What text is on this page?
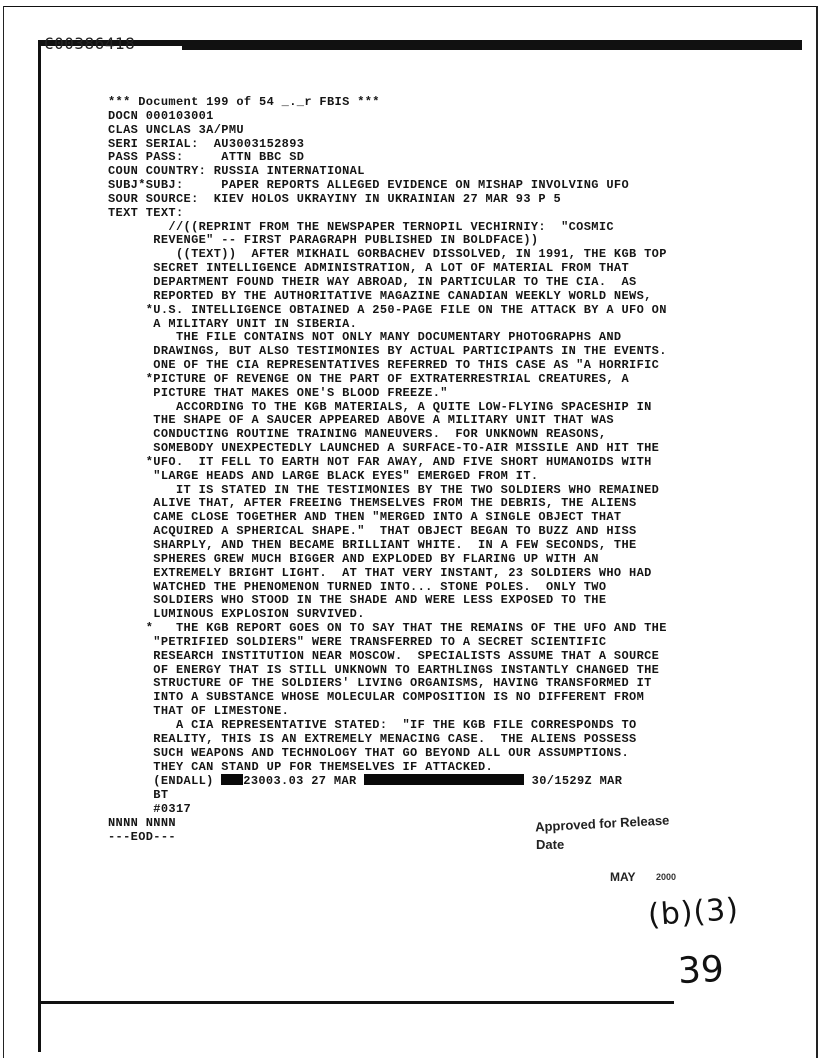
C00386418
*** Document 199 of 54 _._r FBIS ***
DOCN 000103001
CLAS UNCLAS 3A/PMU
SERI SERIAL:  AU3003152893
PASS PASS:     ATTN BBC SD
COUN COUNTRY: RUSSIA INTERNATIONAL
SUBJ*SUBJ:     PAPER REPORTS ALLEGED EVIDENCE ON MISHAP INVOLVING UFO
SOUR SOURCE:  KIEV HOLOS UKRAYINY IN UKRAINIAN 27 MAR 93 P 5
TEXT TEXT:
//((REPRINT FROM THE NEWSPAPER TERNOPIL VECHIRNIY:  "COSMIC
REVENGE" -- FIRST PARAGRAPH PUBLISHED IN BOLDFACE))
((TEXT))  AFTER MIKHAIL GORBACHEV DISSOLVED, IN 1991, THE KGB TOP
SECRET INTELLIGENCE ADMINISTRATION, A LOT OF MATERIAL FROM THAT
DEPARTMENT FOUND THEIR WAY ABROAD, IN PARTICULAR TO THE CIA.  AS
REPORTED BY THE AUTHORITATIVE MAGAZINE CANADIAN WEEKLY WORLD NEWS,
*U.S. INTELLIGENCE OBTAINED A 250-PAGE FILE ON THE ATTACK BY A UFO ON
A MILITARY UNIT IN SIBERIA.
THE FILE CONTAINS NOT ONLY MANY DOCUMENTARY PHOTOGRAPHS AND
DRAWINGS, BUT ALSO TESTIMONIES BY ACTUAL PARTICIPANTS IN THE EVENTS.
ONE OF THE CIA REPRESENTATIVES REFERRED TO THIS CASE AS "A HORRIFIC
*PICTURE OF REVENGE ON THE PART OF EXTRATERRESTRIAL CREATURES, A
PICTURE THAT MAKES ONE'S BLOOD FREEZE."
ACCORDING TO THE KGB MATERIALS, A QUITE LOW-FLYING SPACESHIP IN
THE SHAPE OF A SAUCER APPEARED ABOVE A MILITARY UNIT THAT WAS
CONDUCTING ROUTINE TRAINING MANEUVERS.  FOR UNKNOWN REASONS,
SOMEBODY UNEXPECTEDLY LAUNCHED A SURFACE-TO-AIR MISSILE AND HIT THE
*UFO.  IT FELL TO EARTH NOT FAR AWAY, AND FIVE SHORT HUMANOIDS WITH
"LARGE HEADS AND LARGE BLACK EYES" EMERGED FROM IT.
IT IS STATED IN THE TESTIMONIES BY THE TWO SOLDIERS WHO REMAINED
ALIVE THAT, AFTER FREEING THEMSELVES FROM THE DEBRIS, THE ALIENS
CAME CLOSE TOGETHER AND THEN "MERGED INTO A SINGLE OBJECT THAT
ACQUIRED A SPHERICAL SHAPE."  THAT OBJECT BEGAN TO BUZZ AND HISS
SHARPLY, AND THEN BECAME BRILLIANT WHITE.  IN A FEW SECONDS, THE
SPHERES GREW MUCH BIGGER AND EXPLODED BY FLARING UP WITH AN
EXTREMELY BRIGHT LIGHT.  AT THAT VERY INSTANT, 23 SOLDIERS WHO HAD
WATCHED THE PHENOMENON TURNED INTO... STONE POLES.  ONLY TWO
SOLDIERS WHO STOOD IN THE SHADE AND WERE LESS EXPOSED TO THE
LUMINOUS EXPLOSION SURVIVED.
*   THE KGB REPORT GOES ON TO SAY THAT THE REMAINS OF THE UFO AND THE
"PETRIFIED SOLDIERS" WERE TRANSFERRED TO A SECRET SCIENTIFIC
RESEARCH INSTITUTION NEAR MOSCOW.  SPECIALISTS ASSUME THAT A SOURCE
OF ENERGY THAT IS STILL UNKNOWN TO EARTHLINGS INSTANTLY CHANGED THE
STRUCTURE OF THE SOLDIERS' LIVING ORGANISMS, HAVING TRANSFORMED IT
INTO A SUBSTANCE WHOSE MOLECULAR COMPOSITION IS NO DIFFERENT FROM
THAT OF LIMESTONE.
A CIA REPRESENTATIVE STATED:  "IF THE KGB FILE CORRESPONDS TO
REALITY, THIS IS AN EXTREMELY MENACING CASE.  THE ALIENS POSSESS
SUCH WEAPONS AND TECHNOLOGY THAT GO BEYOND ALL OUR ASSUMPTIONS.
THEY CAN STAND UP FOR THEMSELVES IF ATTACKED.
(ENDALL) 23003.03 27 MAR	30/1529Z MAR
BT
#0317
NNNN NNNN
---EOD---
Approved for Release
Date
MAY 2000
(b)(3)
39
